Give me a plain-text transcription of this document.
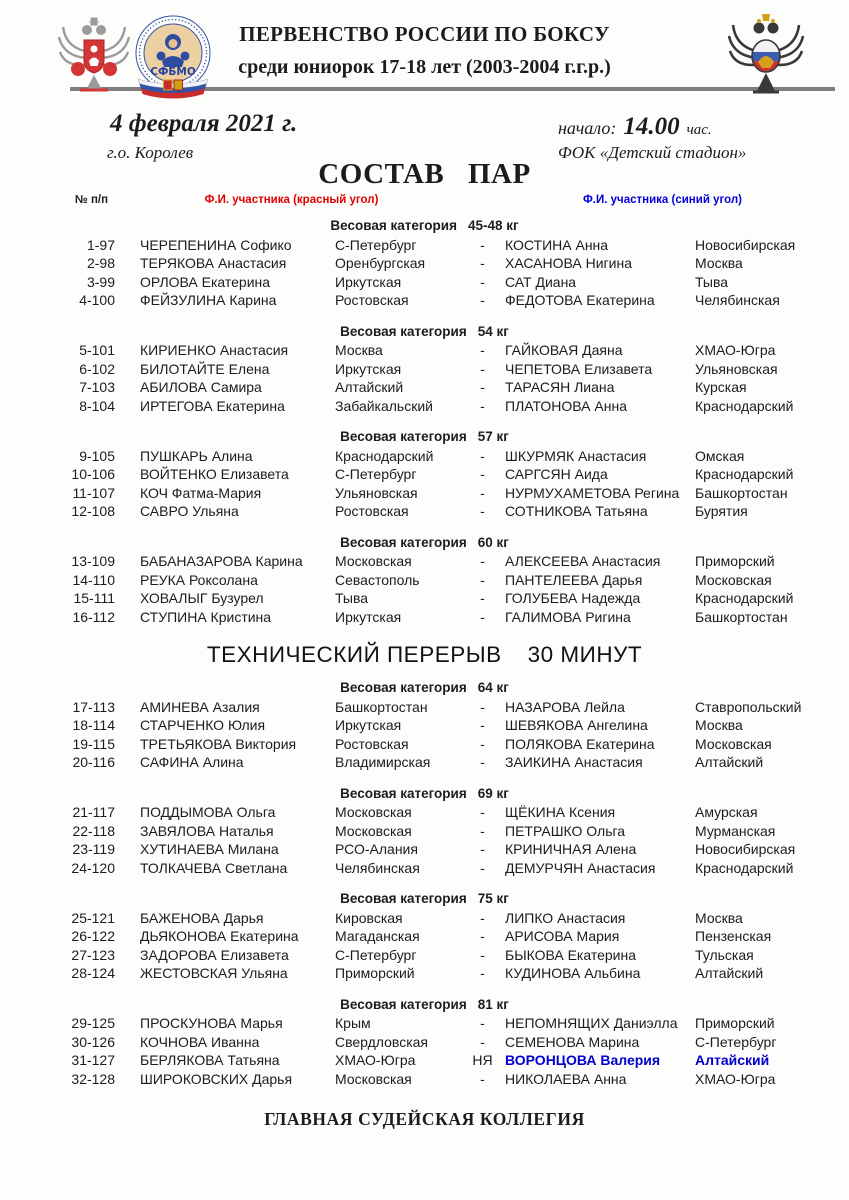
СФБМО
ПЕРВЕНСТВО РОССИИ ПО БОКСУ
среди юниорок 17-18 лет (2003-2004 г.г.р.)
4 февраля 2021 г.
г.о. Королев
начало: 14.00 час.
ФОК «Детский стадион»
СОСТАВ ПАР
№ п/п	Ф.И. участника (красный угол)	Ф.И. участника (синий угол)
Весовая категория 45-48 кг
1-97	ЧЕРЕПЕНИНА Софико	С-Петербург	-	КОСТИНА Анна	Новосибирская
2-98	ТЕРЯКОВА Анастасия	Оренбургская	-	ХАСАНОВА Нигина	Москва
3-99	ОРЛОВА Екатерина	Иркутская	-	САТ Диана	Тыва
4-100	ФЕЙЗУЛИНА Карина	Ростовская	-	ФЕДОТОВА Екатерина	Челябинская
Весовая категория 54 кг
5-101	КИРИЕНКО Анастасия	Москва	-	ГАЙКОВАЯ Даяна	ХМАО-Югра
6-102	БИЛОТАЙТЕ Елена	Иркутская	-	ЧЕПЕТОВА Елизавета	Ульяновская
7-103	АБИЛОВА Самира	Алтайский	-	ТАРАСЯН Лиана	Курская
8-104	ИРТЕГОВА Екатерина	Забайкальский	-	ПЛАТОНОВА Анна	Краснодарский
Весовая категория 57 кг
9-105	ПУШКАРЬ Алина	Краснодарский	-	ШКУРМЯК Анастасия	Омская
10-106	ВОЙТЕНКО Елизавета	С-Петербург	-	САРГСЯН Аида	Краснодарский
11-107	КОЧ Фатма-Мария	Ульяновская	-	НУРМУХАМЕТОВА Регина	Башкортостан
12-108	САВРО Ульяна	Ростовская	-	СОТНИКОВА Татьяна	Бурятия
Весовая категория 60 кг
13-109	БАБАНАЗАРОВА Карина	Московская	-	АЛЕКСЕЕВА Анастасия	Приморский
14-110	РЕУКА Роксолана	Севастополь	-	ПАНТЕЛЕЕВА Дарья	Московская
15-111	ХОВАЛЫГ Бузурел	Тыва	-	ГОЛУБЕВА Надежда	Краснодарский
16-112	СТУПИНА Кристина	Иркутская	-	ГАЛИМОВА Ригина	Башкортостан
ТЕХНИЧЕСКИЙ ПЕРЕРЫВ 30 МИНУТ
Весовая категория 64 кг
17-113	АМИНЕВА Азалия	Башкортостан	-	НАЗАРОВА Лейла	Ставропольский
18-114	СТАРЧЕНКО Юлия	Иркутская	-	ШЕВЯКОВА Ангелина	Москва
19-115	ТРЕТЬЯКОВА Виктория	Ростовская	-	ПОЛЯКОВА Екатерина	Московская
20-116	САФИНА Алина	Владимирская	-	ЗАИКИНА Анастасия	Алтайский
Весовая категория 69 кг
21-117	ПОДДЫМОВА Ольга	Московская	-	ЩЁКИНА Ксения	Амурская
22-118	ЗАВЯЛОВА Наталья	Московская	-	ПЕТРАШКО Ольга	Мурманская
23-119	ХУТИНАЕВА Милана	РСО-Алания	-	КРИНИЧНАЯ Алена	Новосибирская
24-120	ТОЛКАЧЕВА Светлана	Челябинская	-	ДЕМУРЧЯН Анастасия	Краснодарский
Весовая категория 75 кг
25-121	БАЖЕНОВА Дарья	Кировская	-	ЛИПКО Анастасия	Москва
26-122	ДЬЯКОНОВА Екатерина	Магаданская	-	АРИСОВА Мария	Пензенская
27-123	ЗАДОРОВА Елизавета	С-Петербург	-	БЫКОВА Екатерина	Тульская
28-124	ЖЕСТОВСКАЯ Ульяна	Приморский	-	КУДИНОВА Альбина	Алтайский
Весовая категория 81 кг
29-125	ПРОСКУНОВА Марья	Крым	-	НЕПОМНЯЩИХ Даниэлла	Приморский
30-126	КОЧНОВА Иванна	Свердловская	-	СЕМЕНОВА Марина	С-Петербург
31-127	БЕРЛЯКОВА Татьяна	ХМАО-Югра	НЯ ВОРОНЦОВА Валерия	Алтайский
32-128	ШИРОКОВСКИХ Дарья	Московская	-	НИКОЛАЕВА Анна	ХМАО-Югра
ГЛАВНАЯ СУДЕЙСКАЯ КОЛЛЕГИЯ
